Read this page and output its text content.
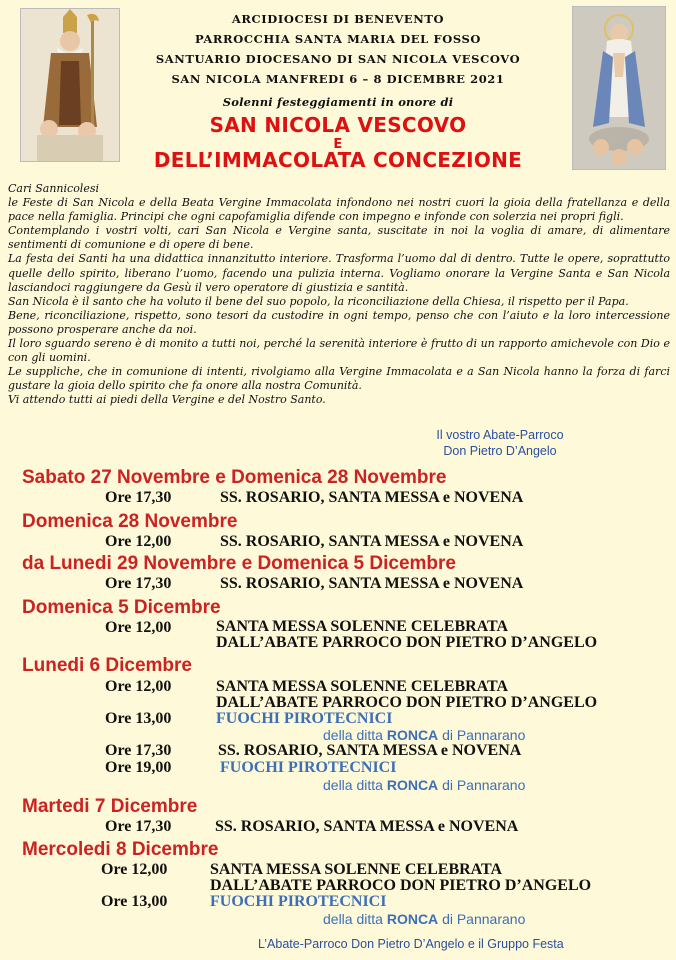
ARCIDIOCESI DI BENEVENTO
PARROCCHIA SANTA MARIA DEL FOSSO
SANTUARIO DIOCESANO DI SAN NICOLA VESCOVO
SAN NICOLA MANFREDI 6 – 8 DICEMBRE 2021
Solenni festeggiamenti in onore di
SAN NICOLA VESCOVO
E
DELL’IMMACOLATA CONCEZIONE

Cari Sannicolesi

le Feste di San Nicola e della Beata Vergine Immacolata infondono nei nostri cuori la gioia della fratellanza e della pace nella famiglia. Principi che ogni capofamiglia difende con impegno e infonde con solerzia nei propri figli.

Contemplando i vostri volti, cari San Nicola e Vergine santa, suscitate in noi la voglia di amare, di alimentare sentimenti di comunione e di opere di bene.

La festa dei Santi ha una didattica innanzitutto interiore. Trasforma l’uomo dal di dentro. Tutte le opere, soprattutto quelle dello spirito, liberano l’uomo, facendo una pulizia interna. Vogliamo onorare la Vergine Santa e San Nicola lasciandoci raggiungere da Gesù il vero operatore di giustizia e santità.

San Nicola è il santo che ha voluto il bene del suo popolo, la riconciliazione della Chiesa, il rispetto per il Papa.

Bene, riconciliazione, rispetto, sono tesori da custodire in ogni tempo, penso che con l’aiuto e la loro intercessione possono prosperare anche da noi.

Il loro sguardo sereno è di monito a tutti noi, perché la serenità interiore è frutto di un rapporto amichevole con Dio e con gli uomini.

Le suppliche, che in comunione di intenti, rivolgiamo alla Vergine Immacolata e a San Nicola hanno la forza di farci gustare la gioia dello spirito che fa onore alla nostra Comunità.

Vi attendo tutti ai piedi della Vergine e del Nostro Santo.

Il vostro Abate-Parroco
Don Pietro D’Angelo
Sabato 27 Novembre e Domenica 28 Novembre
Ore 17,30	SS. ROSARIO, SANTA MESSA e NOVENA
Domenica 28 Novembre
Ore 12,00	SS. ROSARIO, SANTA MESSA e NOVENA
da Lunedi 29 Novembre e Domenica 5 Dicembre
Ore 17,30	SS. ROSARIO, SANTA MESSA e NOVENA
Domenica 5 Dicembre
Ore 12,00	SANTA MESSA SOLENNE CELEBRATA
DALL’ABATE PARROCO DON PIETRO D’ANGELO
Lunedi 6 Dicembre
Ore 12,00	SANTA MESSA SOLENNE CELEBRATA
DALL’ABATE PARROCO DON PIETRO D’ANGELO
Ore 13,00	FUOCHI PIROTECNICI
della ditta RONCA di Pannarano
Ore 17,30	SS. ROSARIO, SANTA MESSA e NOVENA
Ore 19,00	FUOCHI PIROTECNICI
della ditta RONCA di Pannarano
Martedi 7 Dicembre
Ore 17,30	SS. ROSARIO, SANTA MESSA e NOVENA
Mercoledi 8 Dicembre
Ore 12,00	SANTA MESSA SOLENNE CELEBRATA
DALL’ABATE PARROCO DON PIETRO D’ANGELO
Ore 13,00	FUOCHI PIROTECNICI
della ditta RONCA di Pannarano
L’Abate-Parroco Don Pietro D’Angelo e il Gruppo Festa
